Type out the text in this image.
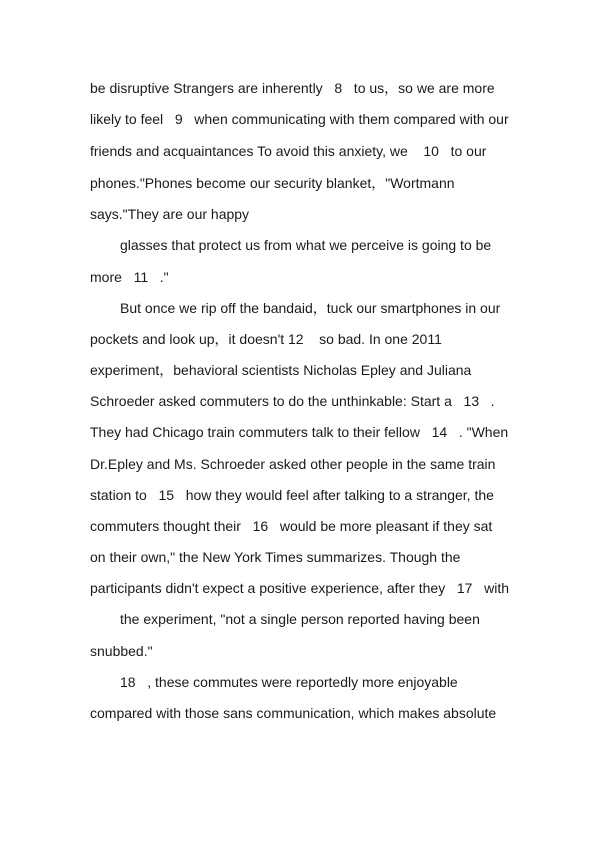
be disruptive Strangers are inherently   8   to us，so we are more
likely to feel   9   when communicating with them compared with our
friends and acquaintances To avoid this anxiety, we    10   to our
phones."Phones become our security blanket，"Wortmann
says."They are our happy
glasses that protect us from what we perceive is going to be
more   11   ."
But once we rip off the bandaid，tuck our smartphones in our
pockets and look up，it doesn't 12    so bad. In one 2011
experiment，behavioral scientists Nicholas Epley and Juliana
Schroeder asked commuters to do the unthinkable: Start a   13   .
They had Chicago train commuters talk to their fellow   14   . "When
Dr.Epley and Ms. Schroeder asked other people in the same train
station to   15   how they would feel after talking to a stranger, the
commuters thought their   16   would be more pleasant if they sat
on their own," the New York Times summarizes. Though the
participants didn't expect a positive experience, after they   17   with
the experiment, "not a single person reported having been
snubbed."
18   , these commutes were reportedly more enjoyable
compared with those sans communication, which makes absolute
